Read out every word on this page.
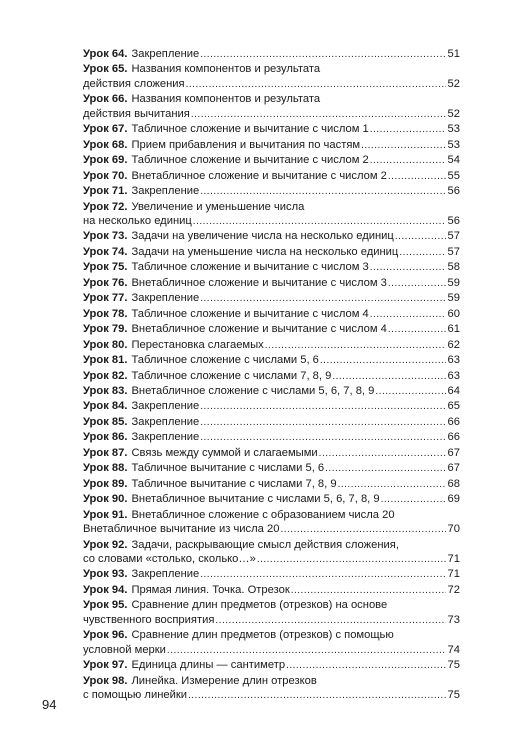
Урок 64. Закрепление .....	51
Урок 65. Названия компонентов и результата
действия сложения .....	52
Урок 66. Названия компонентов и результата
действия вычитания .....	52
Урок 67. Табличное сложение и вычитание с числом 1 .....	53
Урок 68. Прием прибавления и вычитания по частям .....	53
Урок 69. Табличное сложение и вычитание с числом 2 .....	54
Урок 70. Внетабличное сложение и вычитание с числом 2 .....	55
Урок 71. Закрепление .....	56
Урок 72. Увеличение и уменьшение числа
на несколько единиц .....	56
Урок 73. Задачи на увеличение числа на несколько единиц .....	57
Урок 74. Задачи на уменьшение числа на несколько единиц .....	57
Урок 75. Табличное сложение и вычитание с числом 3 .....	58
Урок 76. Внетабличное сложение и вычитание с числом 3 .....	59
Урок 77. Закрепление .....	59
Урок 78. Табличное сложение и вычитание с числом 4 .....	60
Урок 79. Внетабличное сложение и вычитание с числом 4 .....	61
Урок 80. Перестановка слагаемых .....	62
Урок 81. Табличное сложение с числами 5, 6 .....	63
Урок 82. Табличное сложение с числами 7, 8, 9 .....	63
Урок 83. Внетабличное сложение с числами 5, 6, 7, 8, 9 .....	64
Урок 84. Закрепление .....	65
Урок 85. Закрепление .....	66
Урок 86. Закрепление .....	66
Урок 87. Связь между суммой и слагаемыми .....	67
Урок 88. Табличное вычитание с числами 5, 6 .....	67
Урок 89. Табличное вычитание с числами 7, 8, 9 .....	68
Урок 90. Внетабличное вычитание с числами 5, 6, 7, 8, 9 .....	69
Урок 91. Внетабличное сложение с образованием числа 20
Внетабличное вычитание из числа 20 .....	70
Урок 92. Задачи, раскрывающие смысл действия сложения,
со словами «столько, сколько…» .....	71
Урок 93. Закрепление .....	71
Урок 94. Прямая линия. Точка. Отрезок .....	72
Урок 95. Сравнение длин предметов (отрезков) на основе
чувственного восприятия .....	73
Урок 96. Сравнение длин предметов (отрезков) с помощью
условной мерки .....	74
Урок 97. Единица длины — сантиметр .....	75
Урок 98. Линейка. Измерение длин отрезков
с помощью линейки .....	75
94
